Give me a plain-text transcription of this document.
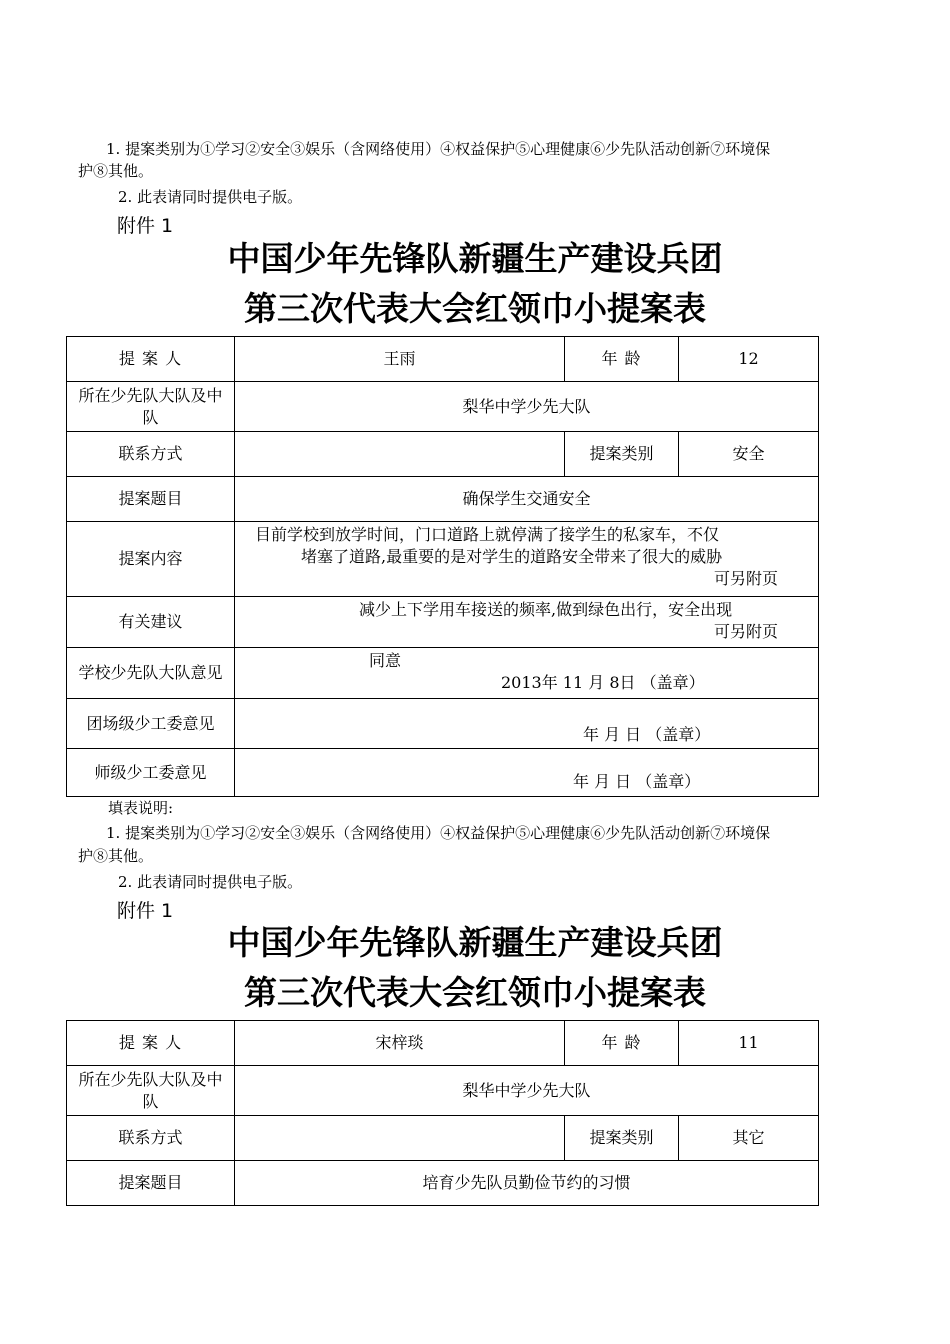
1. 提案类别为①学习②安全③娱乐（含网络使用）④权益保护⑤心理健康⑥少先队活动创新⑦环境保
护⑧其他。
2. 此表请同时提供电子版。
附件 1
中国少年先锋队新疆生产建设兵团
第三次代表大会红领巾小提案表
提 案 人	王雨	年 龄	12
所在少先队大队及中队	梨华中学少先大队		
联系方式		提案类别	安全
提案题目	确保学生交通安全		
提案内容	目前学校到放学时间，门口道路上就停满了接学生的私家车，不仅
堵塞了道路,最重要的是对学生的道路安全带来了很大的威胁
可另附页		

有关建议	减少上下学用车接送的频率,做到绿色出行，安全出现
可另附页		

学校少先队大队意见	同意
2013年 11 月 8日 （盖章）		

团场级少工委意见	年 月 日 （盖章）		

师级少工委意见	年 月 日 （盖章）		
填表说明:
1. 提案类别为①学习②安全③娱乐（含网络使用）④权益保护⑤心理健康⑥少先队活动创新⑦环境保
护⑧其他。
2. 此表请同时提供电子版。
附件 1
中国少年先锋队新疆生产建设兵团
第三次代表大会红领巾小提案表
提 案 人	宋梓琰	年 龄	11
所在少先队大队及中队	梨华中学少先大队		
联系方式		提案类别	其它
提案题目	培育少先队员勤俭节约的习惯		
